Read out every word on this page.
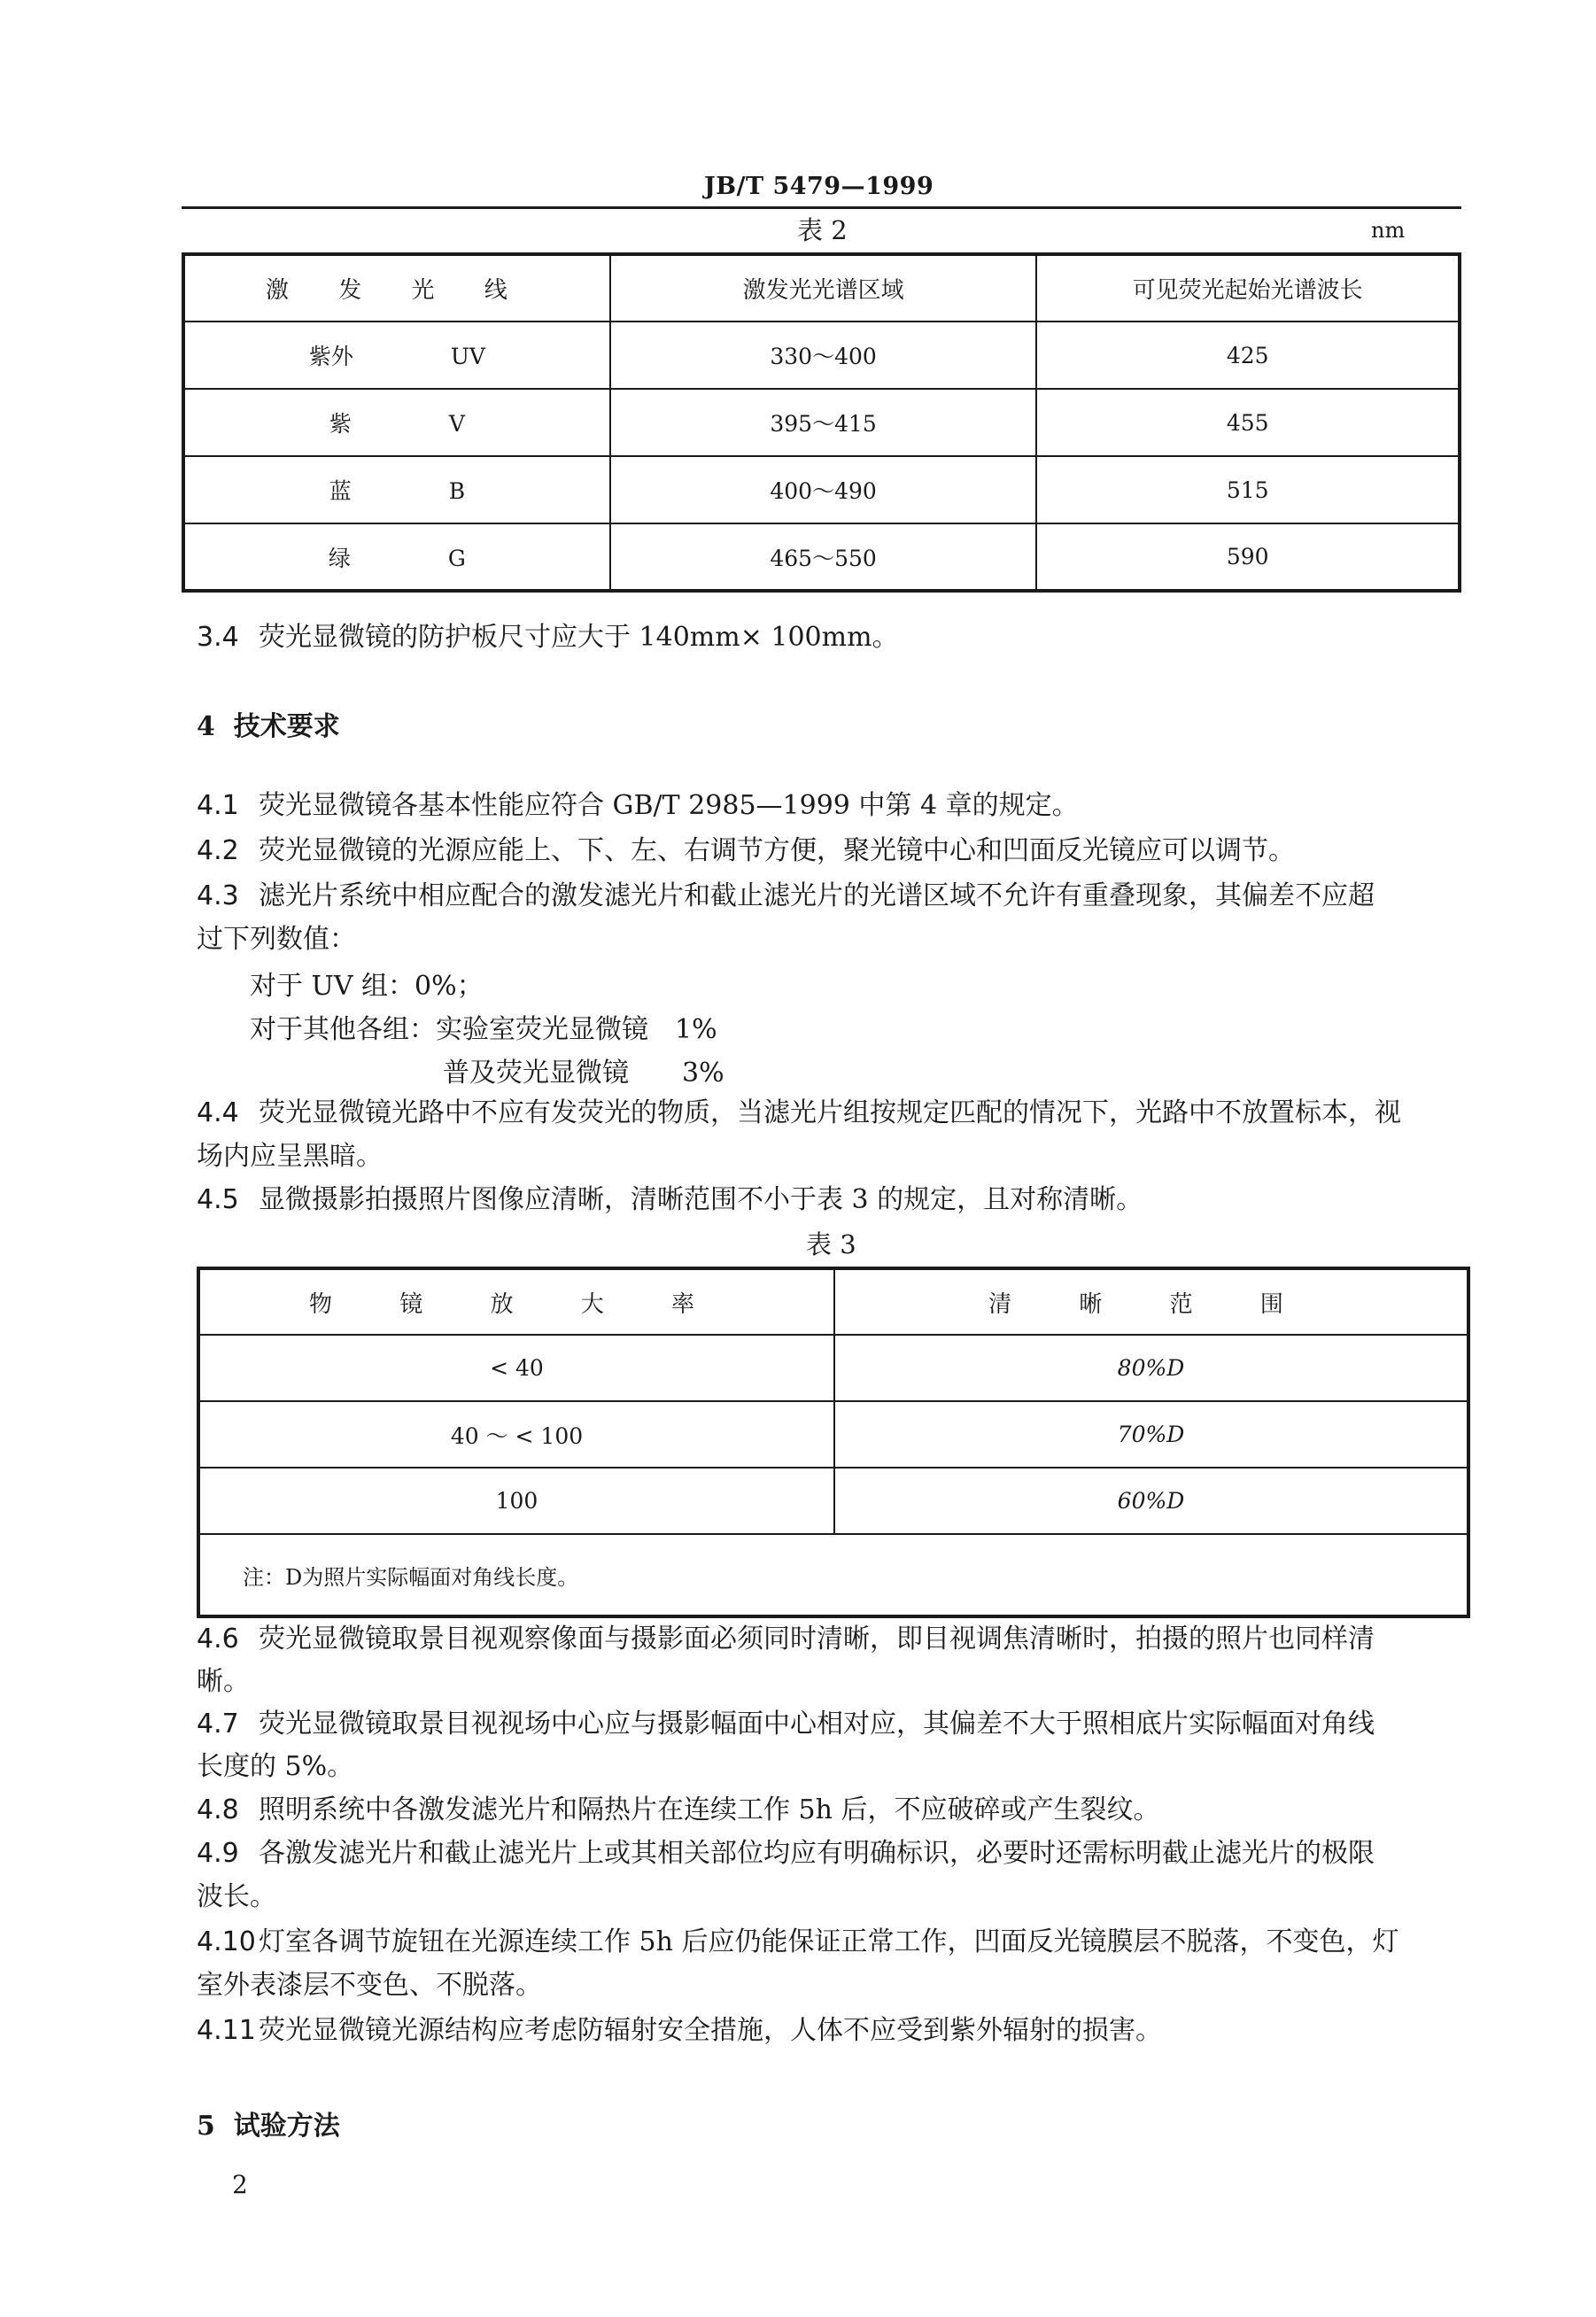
JB/T 5479—1999
表 2	nm
激 发 光 线	激发光光谱区域	可见荧光起始光谱波长
紫外 UV	330～400	425
紫 V	395～415	455
蓝 B	400～490	515
绿 G	465～550	590
3.4 荧光显微镜的防护板尺寸应大于 140mm× 100mm。
4 技术要求
4.1 荧光显微镜各基本性能应符合 GB/T 2985—1999 中第 4 章的规定。
4.2 荧光显微镜的光源应能上、下、左、右调节方便，聚光镜中心和凹面反光镜应可以调节。
4.3 滤光片系统中相应配合的激发滤光片和截止滤光片的光谱区域不允许有重叠现象，其偏差不应超
过下列数值：
对于 UV 组：0%；
对于其他各组：实验室荧光显微镜　1%
普及荧光显微镜　　3%
4.4 荧光显微镜光路中不应有发荧光的物质，当滤光片组按规定匹配的情况下，光路中不放置标本，视
场内应呈黑暗。
4.5 显微摄影拍摄照片图像应清晰，清晰范围不小于表 3 的规定，且对称清晰。
表 3
物 镜 放 大 率	清 晰 范 围
< 40	80%D
40 ～ < 100	70%D
100	60%D
注：D为照片实际幅面对角线长度。	
4.6 荧光显微镜取景目视观察像面与摄影面必须同时清晰，即目视调焦清晰时，拍摄的照片也同样清
晰。
4.7 荧光显微镜取景目视视场中心应与摄影幅面中心相对应，其偏差不大于照相底片实际幅面对角线
长度的 5%。
4.8 照明系统中各激发滤光片和隔热片在连续工作 5h 后，不应破碎或产生裂纹。
4.9 各激发滤光片和截止滤光片上或其相关部位均应有明确标识，必要时还需标明截止滤光片的极限
波长。
4.10 灯室各调节旋钮在光源连续工作 5h 后应仍能保证正常工作，凹面反光镜膜层不脱落，不变色，灯
室外表漆层不变色、不脱落。
4.11 荧光显微镜光源结构应考虑防辐射安全措施，人体不应受到紫外辐射的损害。
5 试验方法
2
